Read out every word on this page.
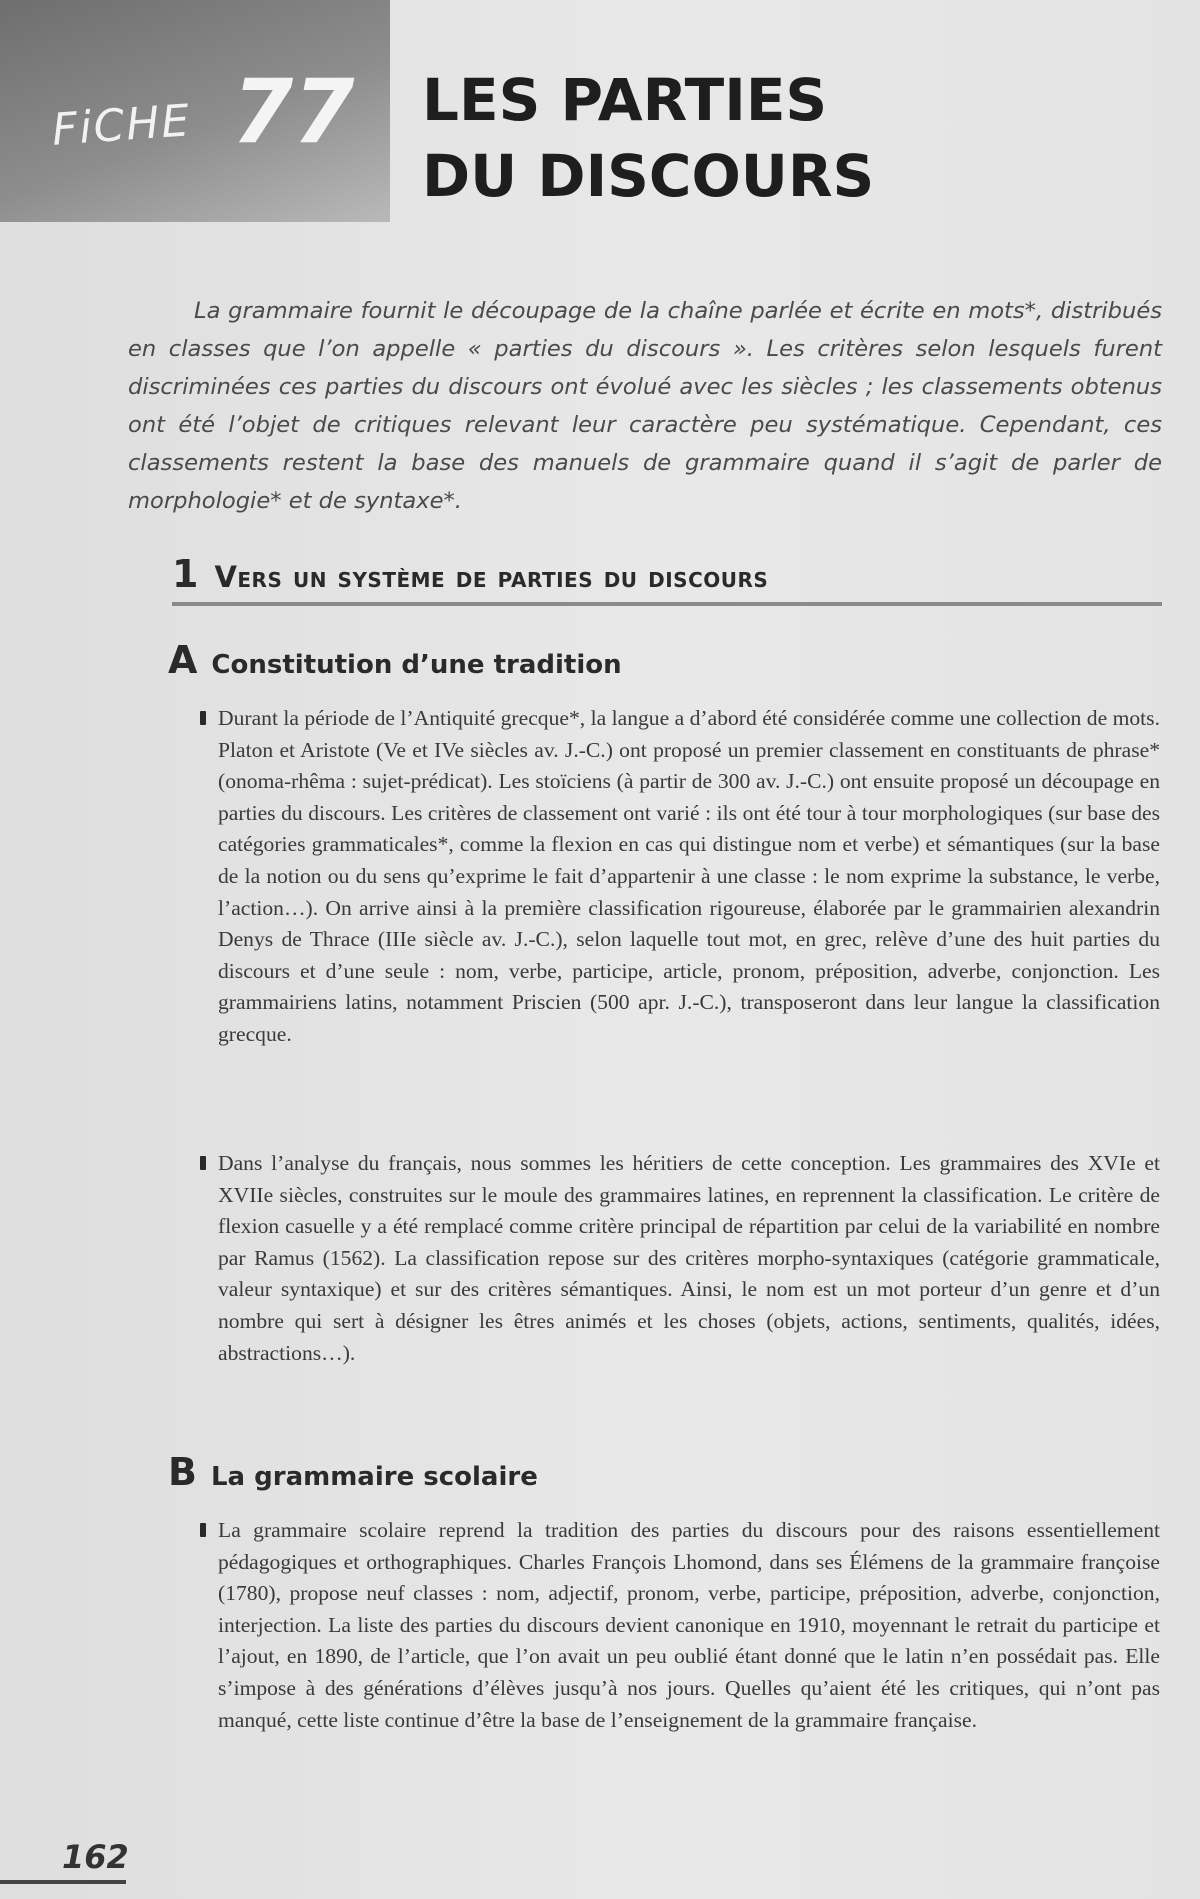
FiCHE 77 LES PARTIES
DU DISCOURS

La grammaire fournit le découpage de la chaîne parlée et écrite en mots*, distribués en classes que l’on appelle « parties du discours ». Les critères selon lesquels furent discriminées ces parties du discours ont évolué avec les siècles ; les classements obtenus ont été l’objet de critiques relevant leur caractère peu systématique. Cependant, ces classements restent la base des manuels de grammaire quand il s’agit de parler de morphologie* et de syntaxe*.

1 Vers un système de parties du discours
A Constitution d’une tradition
Durant la période de l’Antiquité grecque*, la langue a d’abord été considérée comme une collection de mots. Platon et Aristote (Ve et IVe siècles av. J.-C.) ont proposé un premier classement en constituants de phrase* (onoma-rhêma : sujet-prédicat). Les stoïciens (à partir de 300 av. J.-C.) ont ensuite proposé un découpage en parties du discours. Les critères de classement ont varié : ils ont été tour à tour morphologiques (sur base des catégories grammaticales*, comme la flexion en cas qui distingue nom et verbe) et sémantiques (sur la base de la notion ou du sens qu’exprime le fait d’appartenir à une classe : le nom exprime la substance, le verbe, l’action…). On arrive ainsi à la première classification rigoureuse, élaborée par le grammairien alexandrin Denys de Thrace (IIIe siècle av. J.-C.), selon laquelle tout mot, en grec, relève d’une des huit parties du discours et d’une seule : nom, verbe, participe, article, pronom, préposition, adverbe, conjonction. Les grammairiens latins, notamment Priscien (500 apr. J.-C.), transposeront dans leur langue la classification grecque.
Dans l’analyse du français, nous sommes les héritiers de cette conception. Les grammaires des XVIe et XVIIe siècles, construites sur le moule des grammaires latines, en reprennent la classification. Le critère de flexion casuelle y a été remplacé comme critère principal de répartition par celui de la variabilité en nombre par Ramus (1562). La classification repose sur des critères morpho-syntaxiques (catégorie grammaticale, valeur syntaxique) et sur des critères sémantiques. Ainsi, le nom est un mot porteur d’un genre et d’un nombre qui sert à désigner les êtres animés et les choses (objets, actions, sentiments, qualités, idées, abstractions…).
B La grammaire scolaire
La grammaire scolaire reprend la tradition des parties du discours pour des raisons essentiellement pédagogiques et orthographiques. Charles François Lhomond, dans ses Élémens de la grammaire françoise (1780), propose neuf classes : nom, adjectif, pronom, verbe, participe, préposition, adverbe, conjonction, interjection. La liste des parties du discours devient canonique en 1910, moyennant le retrait du participe et l’ajout, en 1890, de l’article, que l’on avait un peu oublié étant donné que le latin n’en possédait pas. Elle s’impose à des générations d’élèves jusqu’à nos jours. Quelles qu’aient été les critiques, qui n’ont pas manqué, cette liste continue d’être la base de l’enseignement de la grammaire française.
162
